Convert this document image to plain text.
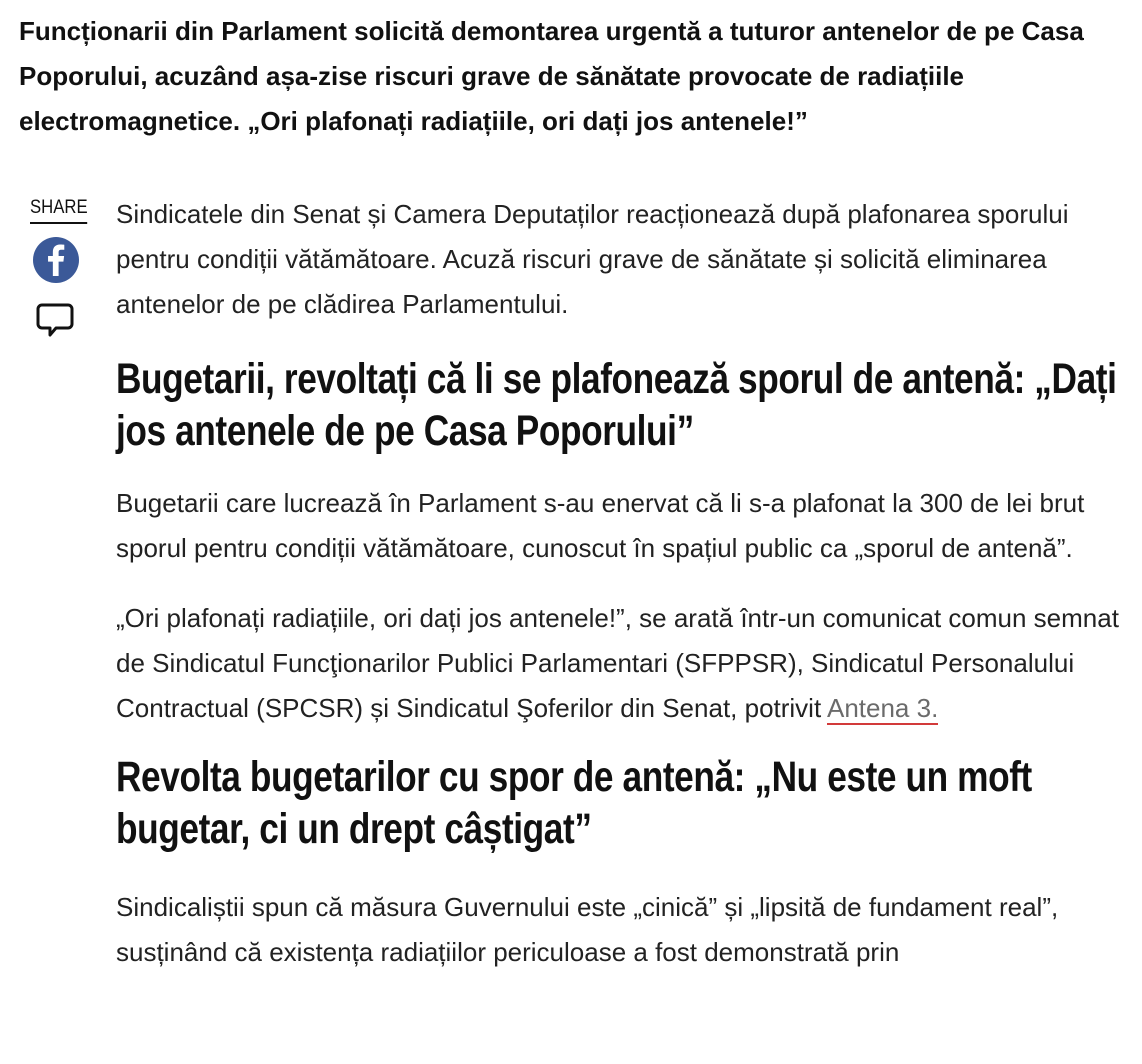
Funcționarii din Parlament solicită demontarea urgentă a tuturor antenelor de pe Casa Poporului, acuzând așa-zise riscuri grave de sănătate provocate de radiațiile electromagnetice. „Ori plafonați radiațiile, ori dați jos antenele!”

SHARE Sindicatele din Senat și Camera Deputaților reacționează după plafonarea sporului pentru condiții vătămătoare. Acuză riscuri grave de sănătate și solicită eliminarea antenelor de pe clădirea Parlamentului.

Bugetarii, revoltați că li se plafonează sporul de antenă: „Dați jos antenele de pe Casa Poporului”

Bugetarii care lucrează în Parlament s-au enervat că li s-a plafonat la 300 de lei brut sporul pentru condiții vătămătoare, cunoscut în spațiul public ca „sporul de antenă”.

„Ori plafonați radiațiile, ori dați jos antenele!”, se arată într-un comunicat comun semnat de Sindicatul Funcţionarilor Publici Parlamentari (SFPPSR), Sindicatul Personalului Contractual (SPCSR) și Sindicatul Şoferilor din Senat, potrivit Antena 3.

Revolta bugetarilor cu spor de antenă: „Nu este un moft bugetar, ci un drept câștigat”

Sindicaliștii spun că măsura Guvernului este „cinică” și „lipsită de fundament real”, susținând că existența radiațiilor periculoase a fost demonstrată prin
